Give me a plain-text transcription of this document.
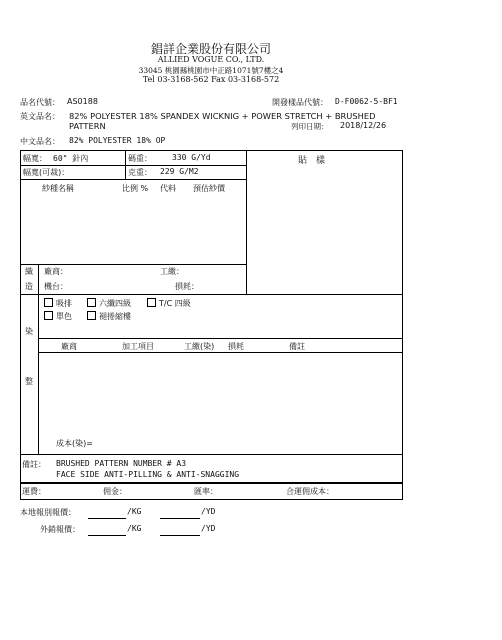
錩詳企業股份有限公司
ALLIED VOGUE CO., LTD.
33045 桃園縣桃園市中正路1071號7樓之4
Tel 03-3168-562 Fax 03-3168-572
品名代號： AS0188	開發樣品代號： D-F0062-5-BF1
英文品名： 82% POLYESTER 18% SPANDEX WICKNIG + POWER STRETCH + BRUSHED
PATTERN	列印日期： 2018/12/26
中文品名： 82% POLYESTER 18% OP
幅寬： 60" 針內	碼重：	330 G/Yd	貼　樣
幅寬(可裁)：	克重： 229 G/M2
紗種名稱	比例 % 代料 預估紗價
織
造
廠商：	工繳：
機台：	損耗：
染
整
吸排	六纖四級	T/C 四級
單色	褪捲縮樓
廠商	加工項目	工繳(染) 損耗	備註
成本(染)=
備註： BRUSHED PATTERN NUMBER # A3
FACE SIDE ANTI-PILLING & ANTI-SNAGGING
運費：	佣金：	匯率：	合運佣成本：
本地報別報價：	/KG	/YD
外銷報價：	/KG	/YD
